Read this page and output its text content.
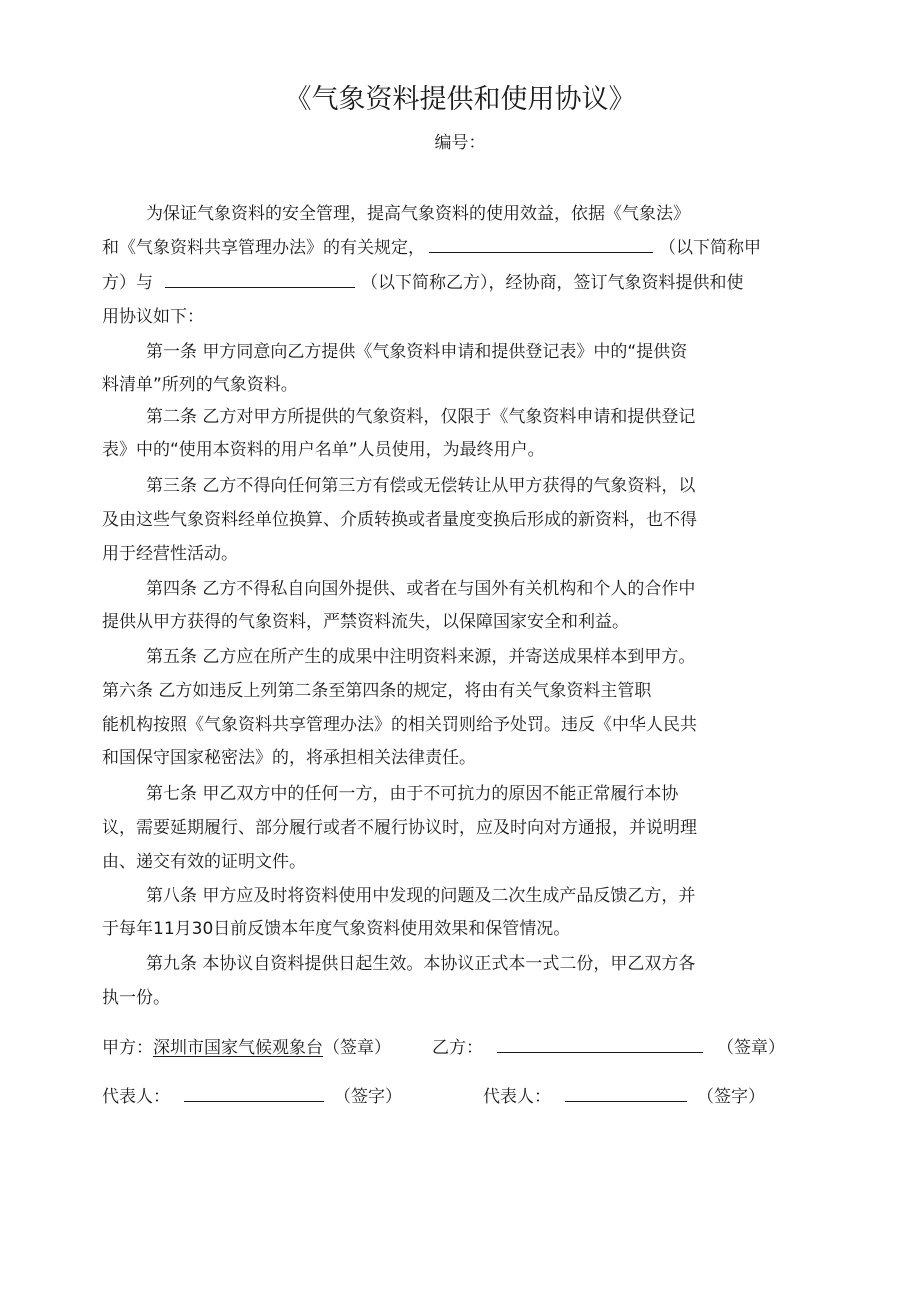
《气象资料提供和使用协议》
编号：
为保证气象资料的安全管理，提高气象资料的使用效益，依据《气象法》
和《气象资料共享管理办法》的有关规定，	（以下简称甲
方）与	（以下简称乙方），经协商，签订气象资料提供和使
用协议如下：
第一条 甲方同意向乙方提供《气象资料申请和提供登记表》中的“提供资
料清单”所列的气象资料。
第二条 乙方对甲方所提供的气象资料，仅限于《气象资料申请和提供登记
表》中的“使用本资料的用户名单”人员使用，为最终用户。
第三条 乙方不得向任何第三方有偿或无偿转让从甲方获得的气象资料，以
及由这些气象资料经单位换算、介质转换或者量度变换后形成的新资料，也不得
用于经营性活动。
第四条 乙方不得私自向国外提供、或者在与国外有关机构和个人的合作中
提供从甲方获得的气象资料，严禁资料流失，以保障国家安全和利益。
第五条 乙方应在所产生的成果中注明资料来源，并寄送成果样本到甲方。
第六条 乙方如违反上列第二条至第四条的规定，将由有关气象资料主管职
能机构按照《气象资料共享管理办法》的相关罚则给予处罚。违反《中华人民共
和国保守国家秘密法》的，将承担相关法律责任。
第七条 甲乙双方中的任何一方，由于不可抗力的原因不能正常履行本协
议，需要延期履行、部分履行或者不履行协议时，应及时向对方通报，并说明理
由、递交有效的证明文件。
第八条 甲方应及时将资料使用中发现的问题及二次生成产品反馈乙方，并
于每年11月30日前反馈本年度气象资料使用效果和保管情况。
第九条 本协议自资料提供日起生效。本协议正式本一式二份，甲乙双方各
执一份。
甲方：深圳市国家气候观象台（签章） 乙方：	（签章）
代表人：	（签字）	代表人：	（签字）
